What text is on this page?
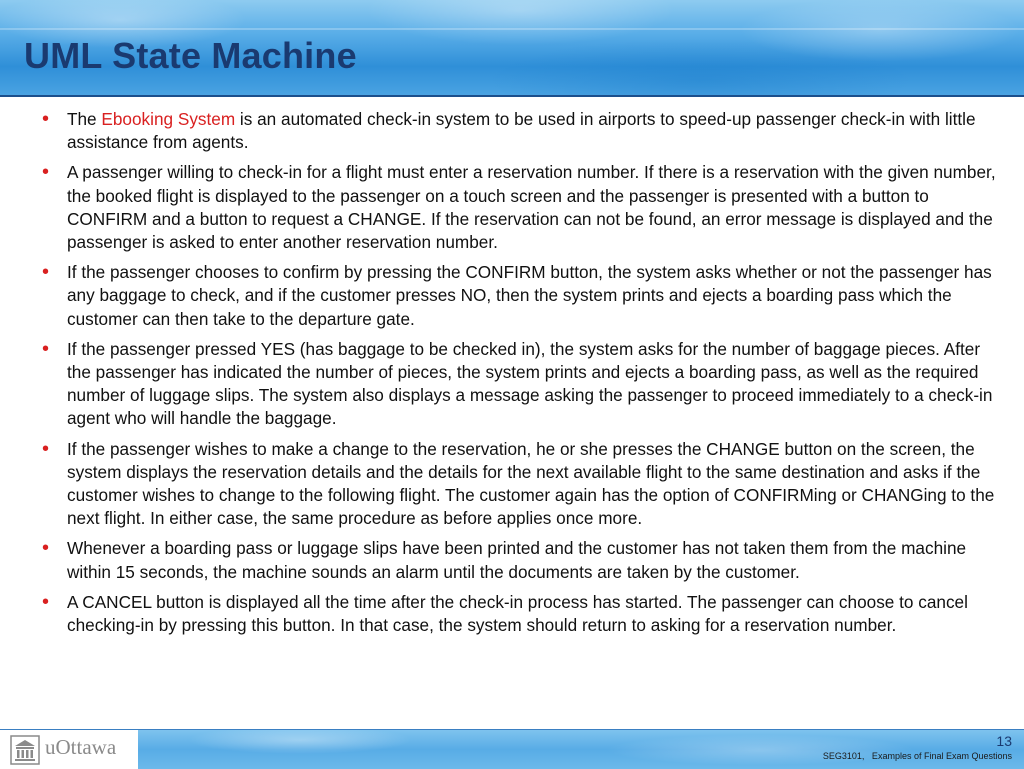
UML State Machine
• The Ebooking System is an automated check-in system to be used in airports to speed-up passenger check-in with little assistance from agents.
• A passenger willing to check-in for a flight must enter a reservation number. If there is a reservation with the given number, the booked flight is displayed to the passenger on a touch screen and the passenger is presented with a button to CONFIRM and a button to request a CHANGE. If the reservation can not be found, an error message is displayed and the passenger is asked to enter another reservation number.
• If the passenger chooses to confirm by pressing the CONFIRM button, the system asks whether or not the passenger has any baggage to check, and if the customer presses NO, then the system prints and ejects a boarding pass which the customer can then take to the departure gate.
• If the passenger pressed YES (has baggage to be checked in), the system asks for the number of baggage pieces. After the passenger has indicated the number of pieces, the system prints and ejects a boarding pass, as well as the required number of luggage slips. The system also displays a message asking the passenger to proceed immediately to a check-in agent who will handle the baggage.
• If the passenger wishes to make a change to the reservation, he or she presses the CHANGE button on the screen, the system displays the reservation details and the details for the next available flight to the same destination and asks if the customer wishes to change to the following flight. The customer again has the option of CONFIRMing or CHANGing to the next flight. In either case, the same procedure as before applies once more.
• Whenever a boarding pass or luggage slips have been printed and the customer has not taken them from the machine within 15 seconds, the machine sounds an alarm until the documents are taken by the customer.
• A CANCEL button is displayed all the time after the check-in process has started. The passenger can choose to cancel checking-in by pressing this button. In that case, the system should return to asking for a reservation number.
uOttawa	13
SEG3101,   Examples of Final Exam Questions
